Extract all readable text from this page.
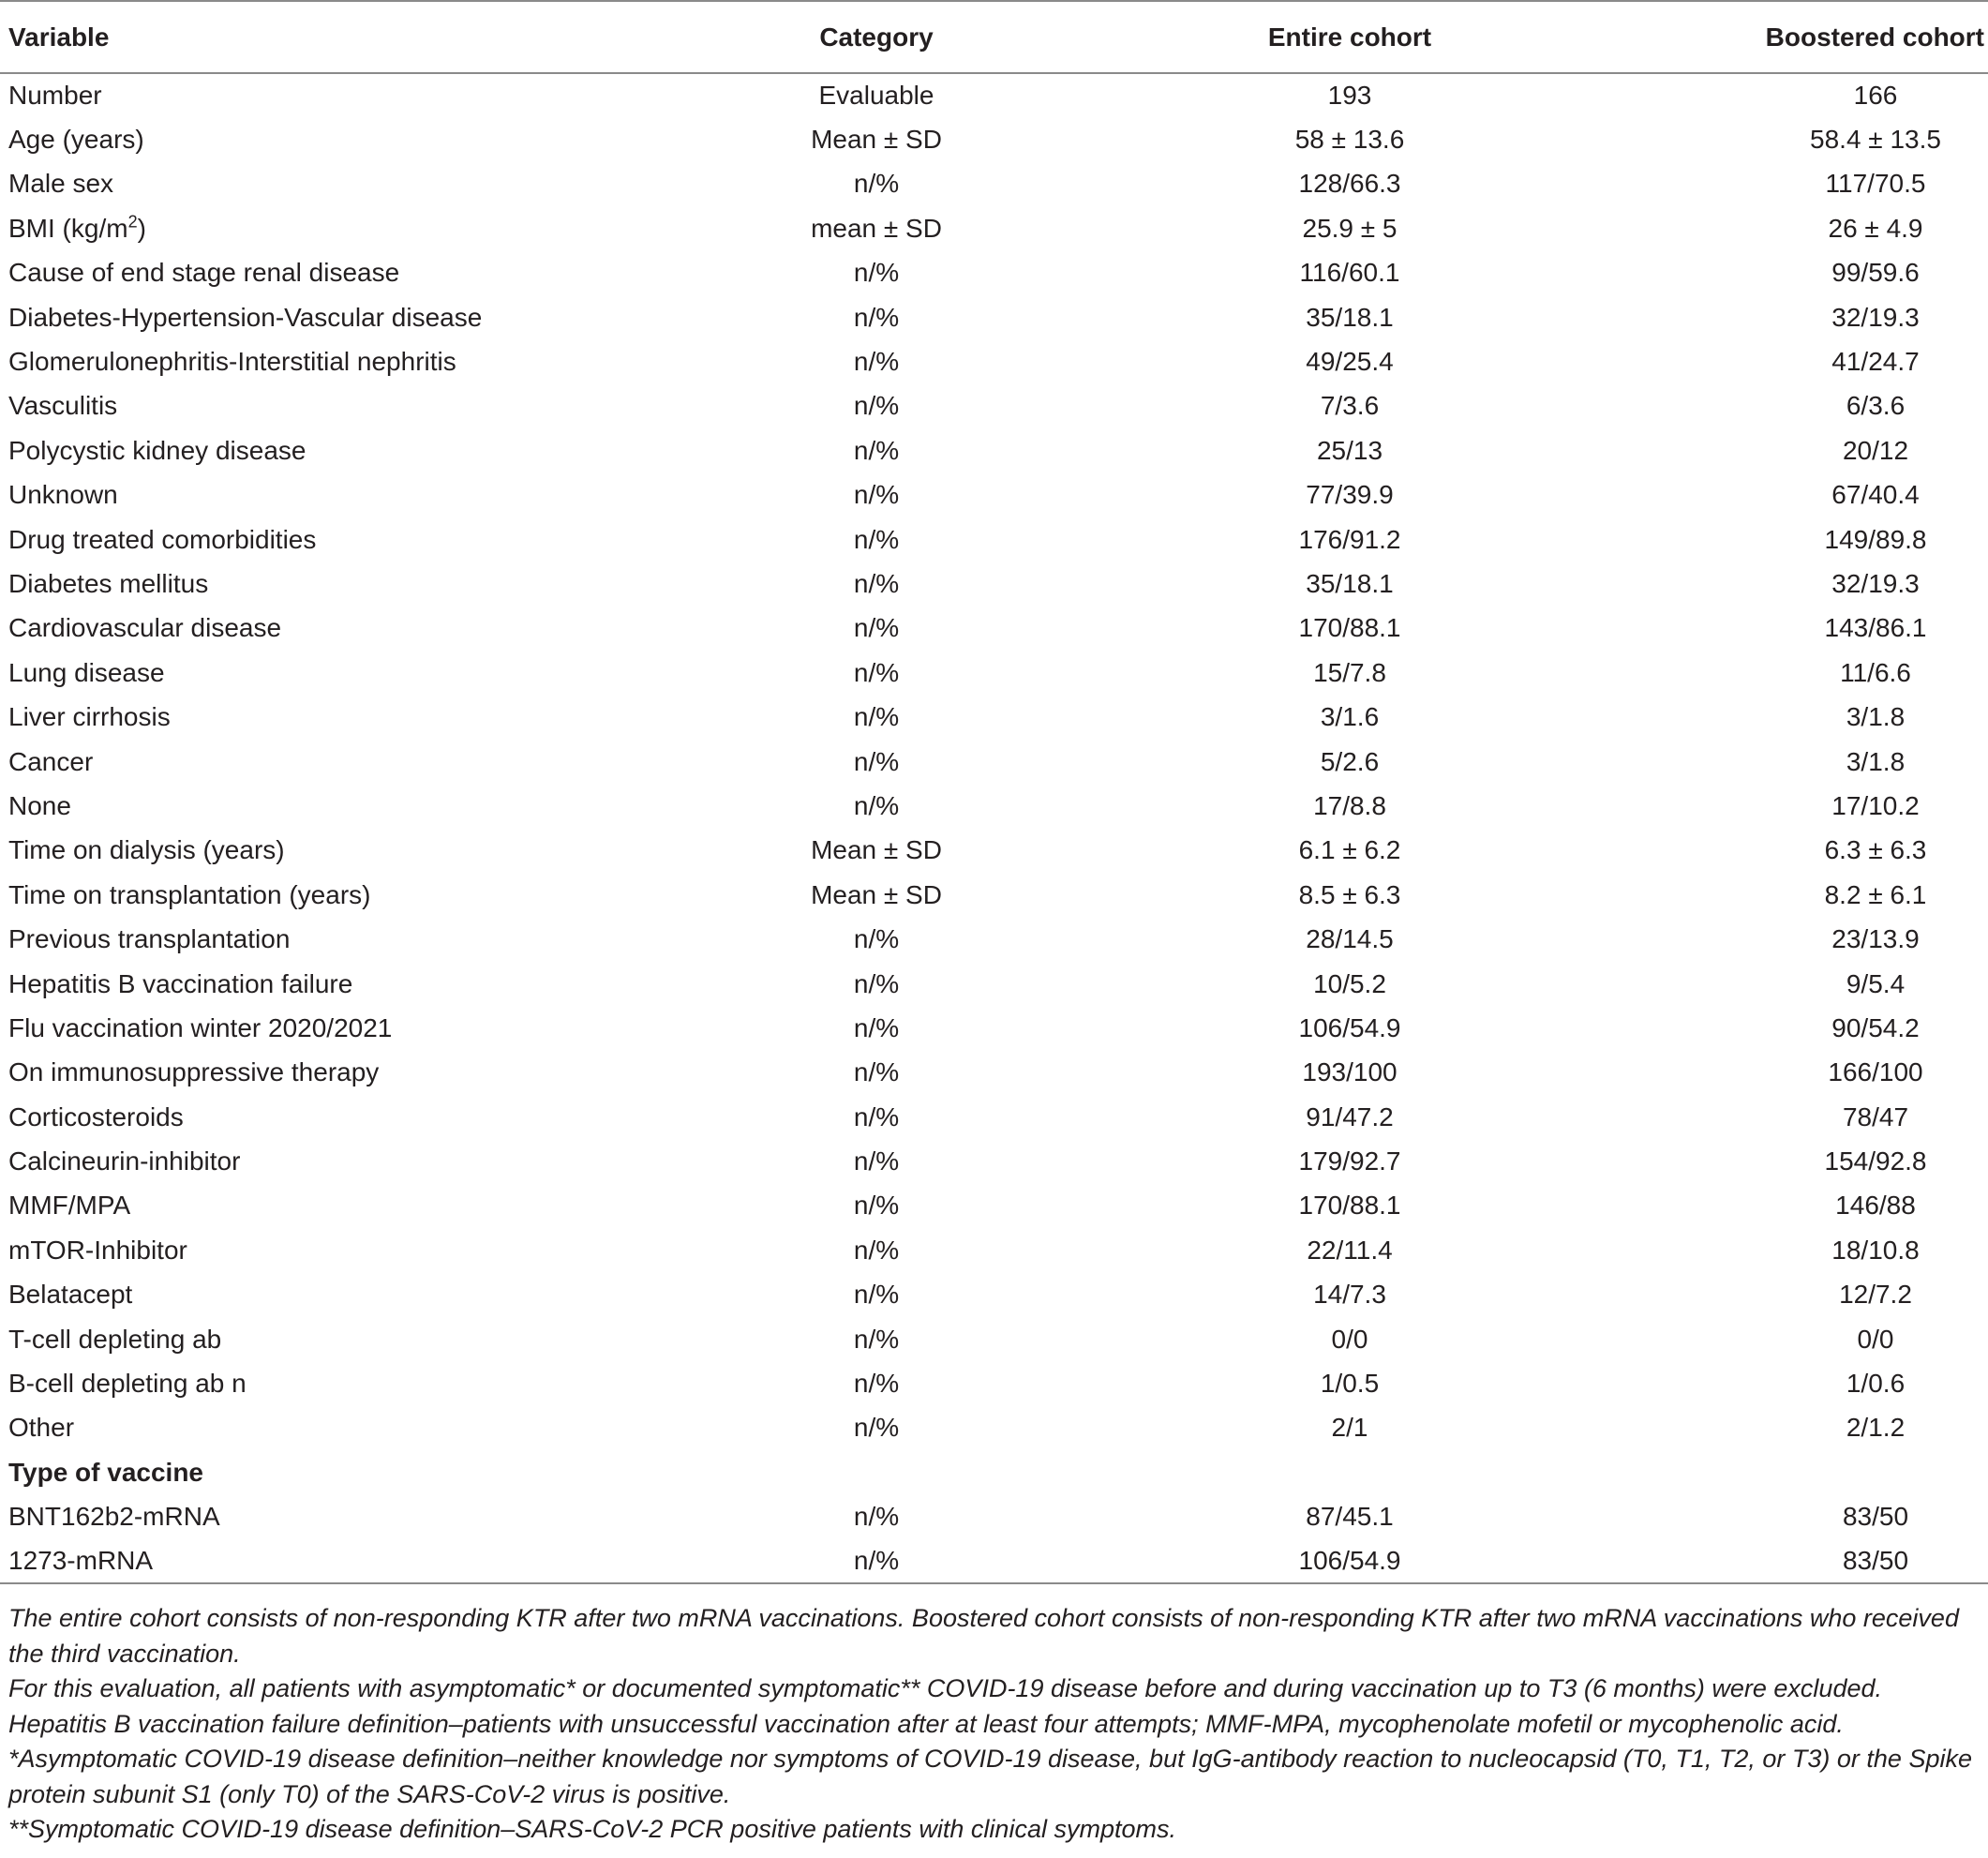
Variable	Category	Entire cohort	Boostered cohort
Number	Evaluable	193	166
Age (years)	Mean ± SD	58 ± 13.6	58.4 ± 13.5
Male sex	n/%	128/66.3	117/70.5
BMI $(kg/m^2)$	mean ± SD	25.9 ± 5	26 ± 4.9
Cause of end stage renal disease	n/%	116/60.1	99/59.6
Diabetes-Hypertension-Vascular disease	n/%	35/18.1	32/19.3
Glomerulonephritis-Interstitial nephritis	n/%	49/25.4	41/24.7
Vasculitis	n/%	7/3.6	6/3.6
Polycystic kidney disease	n/%	25/13	20/12
Unknown	n/%	77/39.9	67/40.4
Drug treated comorbidities	n/%	176/91.2	149/89.8
Diabetes mellitus	n/%	35/18.1	32/19.3
Cardiovascular disease	n/%	170/88.1	143/86.1
Lung disease	n/%	15/7.8	11/6.6
Liver cirrhosis	n/%	3/1.6	3/1.8
Cancer	n/%	5/2.6	3/1.8
None	n/%	17/8.8	17/10.2
Time on dialysis (years)	Mean ± SD	6.1 ± 6.2	6.3 ± 6.3
Time on transplantation (years)	Mean ± SD	8.5 ± 6.3	8.2 ± 6.1
Previous transplantation	n/%	28/14.5	23/13.9
Hepatitis B vaccination failure	n/%	10/5.2	9/5.4
Flu vaccination winter 2020/2021	n/%	106/54.9	90/54.2
On immunosuppressive therapy	n/%	193/100	166/100
Corticosteroids	n/%	91/47.2	78/47
Calcineurin-inhibitor	n/%	179/92.7	154/92.8
MMF/MPA	n/%	170/88.1	146/88
mTOR-Inhibitor	n/%	22/11.4	18/10.8
Belatacept	n/%	14/7.3	12/7.2
T-cell depleting ab	n/%	0/0	0/0
B-cell depleting ab n	n/%	1/0.5	1/0.6
Other	n/%	2/1	2/1.2
Type of vaccine			
BNT162b2-mRNA	n/%	87/45.1	83/50
1273-mRNA	n/%	106/54.9	83/50

The entire cohort consists of non-responding KTR after two mRNA vaccinations. Boostered cohort consists of non-responding KTR after two mRNA vaccinations who received the third vaccination.

For this evaluation, all patients with asymptomatic* or documented symptomatic** COVID-19 disease before and during vaccination up to T3 (6 months) were excluded.

Hepatitis B vaccination failure definition–patients with unsuccessful vaccination after at least four attempts; MMF-MPA, mycophenolate mofetil or mycophenolic acid.

*Asymptomatic COVID-19 disease definition–neither knowledge nor symptoms of COVID-19 disease, but IgG-antibody reaction to nucleocapsid (T0, T1, T2, or T3) or the Spike protein subunit S1 (only T0) of the SARS-CoV-2 virus is positive.

**Symptomatic COVID-19 disease definition–SARS-CoV-2 PCR positive patients with clinical symptoms.
